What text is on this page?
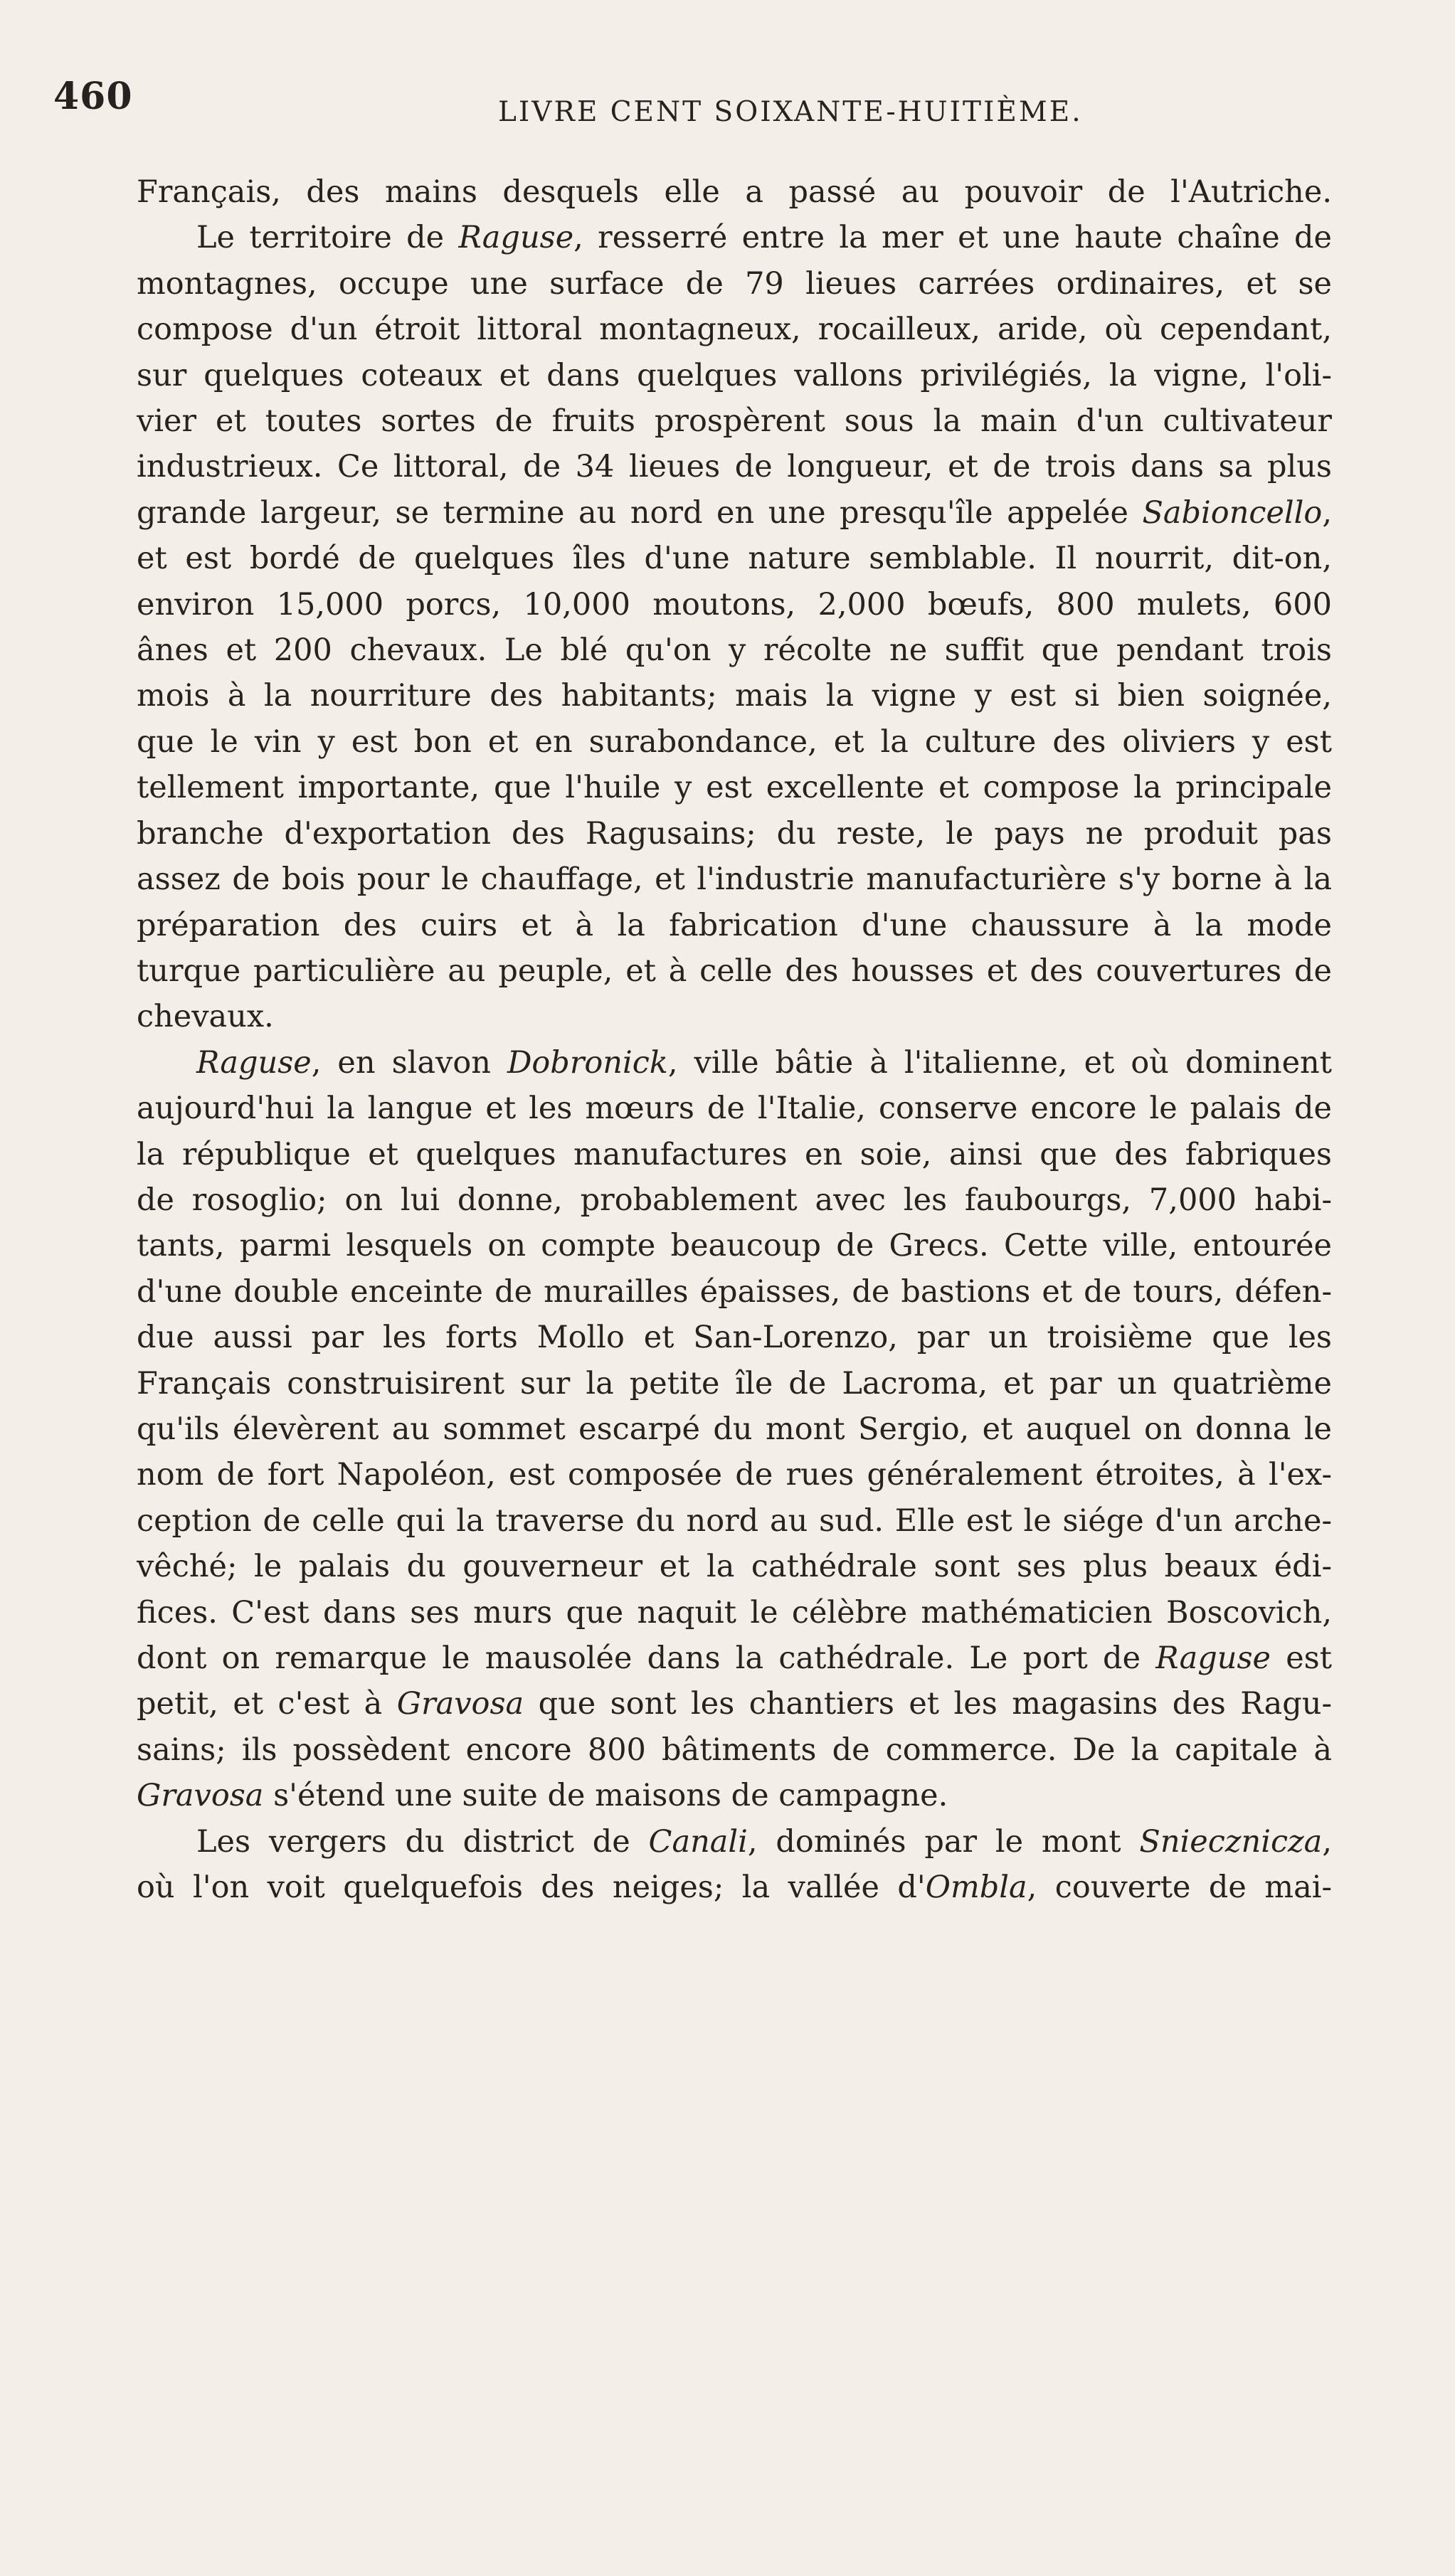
460	LIVRE CENT SOIXANTE-HUITIÈME.
Français, des mains desquels elle a passé au pouvoir de l'Autriche.
Le territoire de Raguse, resserré entre la mer et une haute chaîne de
montagnes, occupe une surface de 79 lieues carrées ordinaires, et se
compose d'un étroit littoral montagneux, rocailleux, aride, où cependant,
sur quelques coteaux et dans quelques vallons privilégiés, la vigne, l'oli-
vier et toutes sortes de fruits prospèrent sous la main d'un cultivateur
industrieux. Ce littoral, de 34 lieues de longueur, et de trois dans sa plus
grande largeur, se termine au nord en une presqu'île appelée Sabioncello,
et est bordé de quelques îles d'une nature semblable. Il nourrit, dit-on,
environ 15,000 porcs, 10,000 moutons, 2,000 bœufs, 800 mulets, 600
ânes et 200 chevaux. Le blé qu'on y récolte ne suffit que pendant trois
mois à la nourriture des habitants; mais la vigne y est si bien soignée,
que le vin y est bon et en surabondance, et la culture des oliviers y est
tellement importante, que l'huile y est excellente et compose la principale
branche d'exportation des Ragusains; du reste, le pays ne produit pas
assez de bois pour le chauffage, et l'industrie manufacturière s'y borne à la
préparation des cuirs et à la fabrication d'une chaussure à la mode
turque particulière au peuple, et à celle des housses et des couvertures de
chevaux.
Raguse, en slavon Dobronick, ville bâtie à l'italienne, et où dominent
aujourd'hui la langue et les mœurs de l'Italie, conserve encore le palais de
la république et quelques manufactures en soie, ainsi que des fabriques
de rosoglio; on lui donne, probablement avec les faubourgs, 7,000 habi-
tants, parmi lesquels on compte beaucoup de Grecs. Cette ville, entourée
d'une double enceinte de murailles épaisses, de bastions et de tours, défen-
due aussi par les forts Mollo et San-Lorenzo, par un troisième que les
Français construisirent sur la petite île de Lacroma, et par un quatrième
qu'ils élevèrent au sommet escarpé du mont Sergio, et auquel on donna le
nom de fort Napoléon, est composée de rues généralement étroites, à l'ex-
ception de celle qui la traverse du nord au sud. Elle est le siége d'un arche-
vêché; le palais du gouverneur et la cathédrale sont ses plus beaux édi-
fices. C'est dans ses murs que naquit le célèbre mathématicien Boscovich,
dont on remarque le mausolée dans la cathédrale. Le port de Raguse est
petit, et c'est à Gravosa que sont les chantiers et les magasins des Ragu-
sains; ils possèdent encore 800 bâtiments de commerce. De la capitale à
Gravosa s'étend une suite de maisons de campagne.
Les vergers du district de Canali, dominés par le mont Sniecznicza,
où l'on voit quelquefois des neiges; la vallée d'Ombla, couverte de mai-
